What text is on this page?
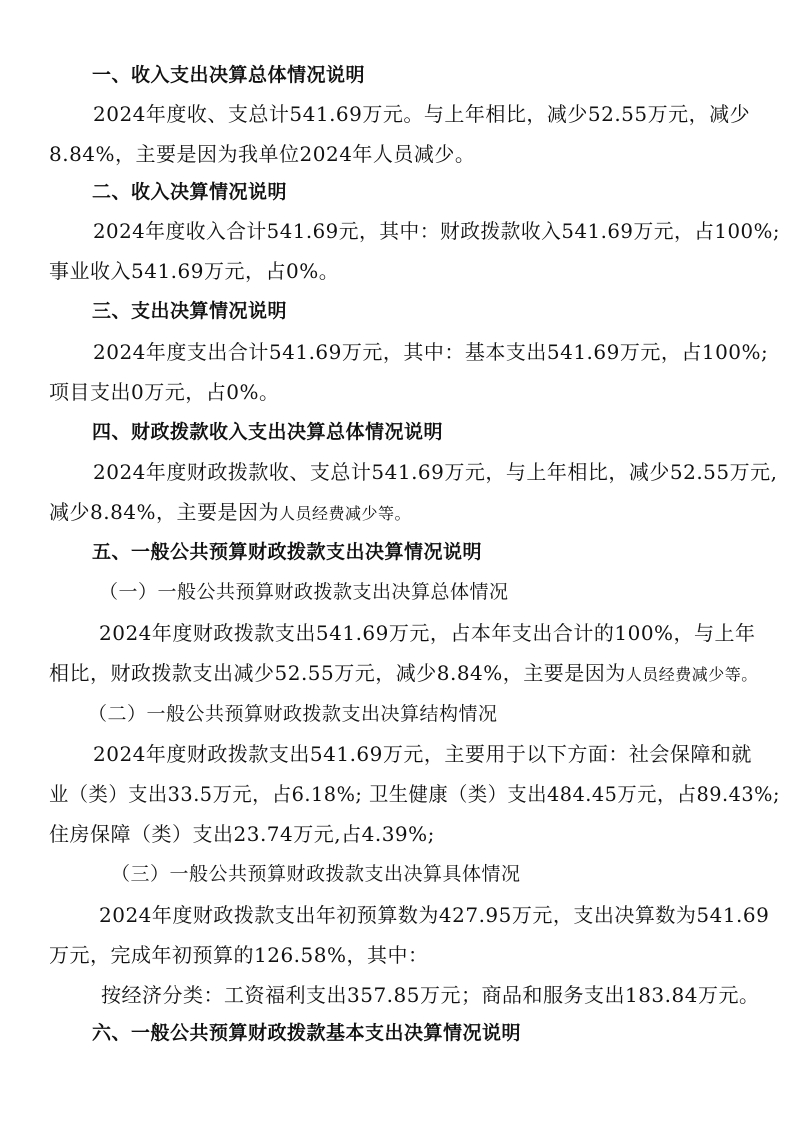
一、收入支出决算总体情况说明
2024年度收、支总计541.69万元。与上年相比，减少52.55万元，减少
8.84%，主要是因为我单位2024年人员减少。
二、收入决算情况说明
2024年度收入合计541.69元，其中：财政拨款收入541.69万元，占100%;
事业收入541.69万元，占0%。
三、支出决算情况说明
2024年度支出合计541.69万元，其中：基本支出541.69万元，占100%;
项目支出0万元，占0%。
四、财政拨款收入支出决算总体情况说明
2024年度财政拨款收、支总计541.69万元，与上年相比，减少52.55万元,
减少8.84%，主要是因为人员经费减少等。
五、一般公共预算财政拨款支出决算情况说明
（一）一般公共预算财政拨款支出决算总体情况
2024年度财政拨款支出541.69万元，占本年支出合计的100%，与上年
相比，财政拨款支出减少52.55万元，减少8.84%，主要是因为人员经费减少等。
（二）一般公共预算财政拨款支出决算结构情况
2024年度财政拨款支出541.69万元，主要用于以下方面：社会保障和就
业（类）支出33.5万元，占6.18%; 卫生健康（类）支出484.45万元，占89.43%;
住房保障（类）支出23.74万元,占4.39%;
（三）一般公共预算财政拨款支出决算具体情况
2024年度财政拨款支出年初预算数为427.95万元，支出决算数为541.69
万元，完成年初预算的126.58%，其中：
按经济分类：工资福利支出357.85万元；商品和服务支出183.84万元。
六、一般公共预算财政拨款基本支出决算情况说明
